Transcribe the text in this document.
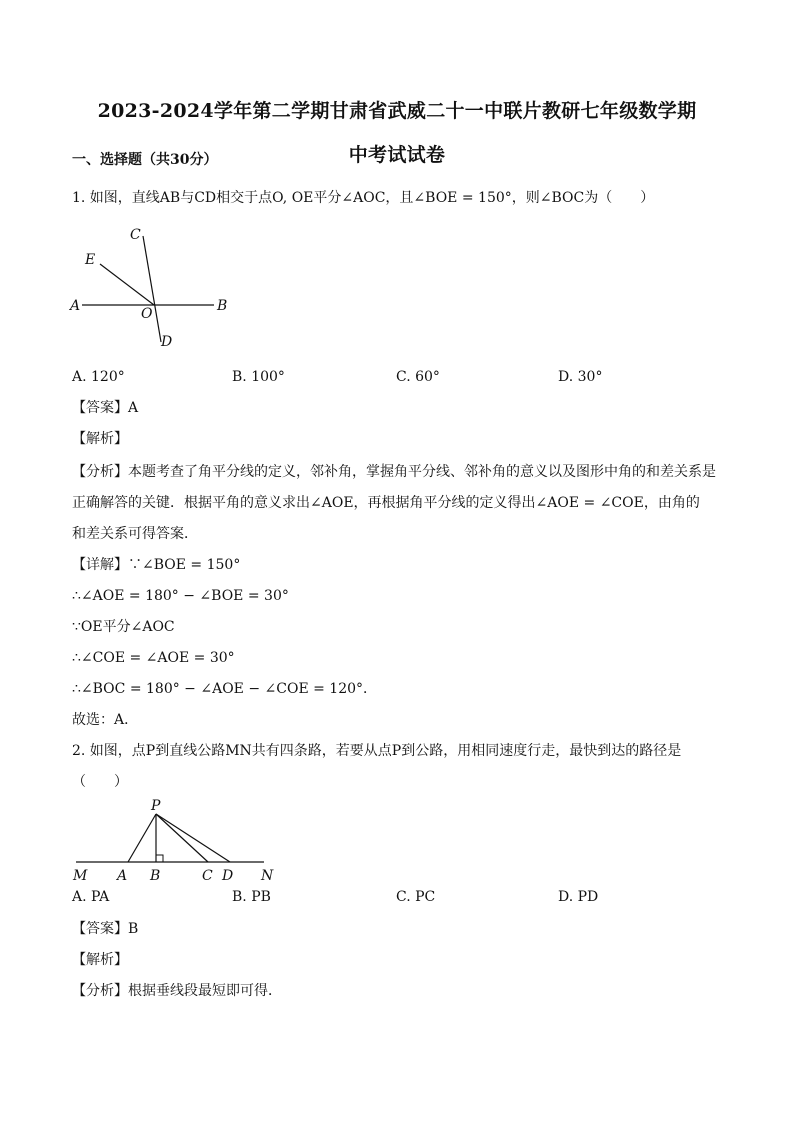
2023-2024学年第二学期甘肃省武威二十一中联片教研七年级数学期
中考试试卷
一、选择题（共30分）
1. 如图，直线AB与CD相交于点O, OE平分∠AOC，且∠BOE = 150°，则∠BOC为（　　）
C
E
A	O	B
D
A. 120°	B. 100°	C. 60°	D. 30°
【答案】A
【解析】
【分析】本题考查了角平分线的定义，邻补角，掌握角平分线、邻补角的意义以及图形中角的和差关系是
正确解答的关键．根据平角的意义求出∠AOE，再根据角平分线的定义得出∠AOE = ∠COE，由角的
和差关系可得答案．
【详解】∵∠BOE = 150°
∴∠AOE = 180° − ∠BOE = 30°
∵OE平分∠AOC
∴∠COE = ∠AOE = 30°
∴∠BOC = 180° − ∠AOE − ∠COE = 120°．
故选：A．
2. 如图，点P到直线公路MN共有四条路，若要从点P到公路，用相同速度行走，最快到达的路径是
（　　）
P
M A B	C D N
A. PA	B. PB	C. PC	D. PD
【答案】B
【解析】
【分析】根据垂线段最短即可得．
